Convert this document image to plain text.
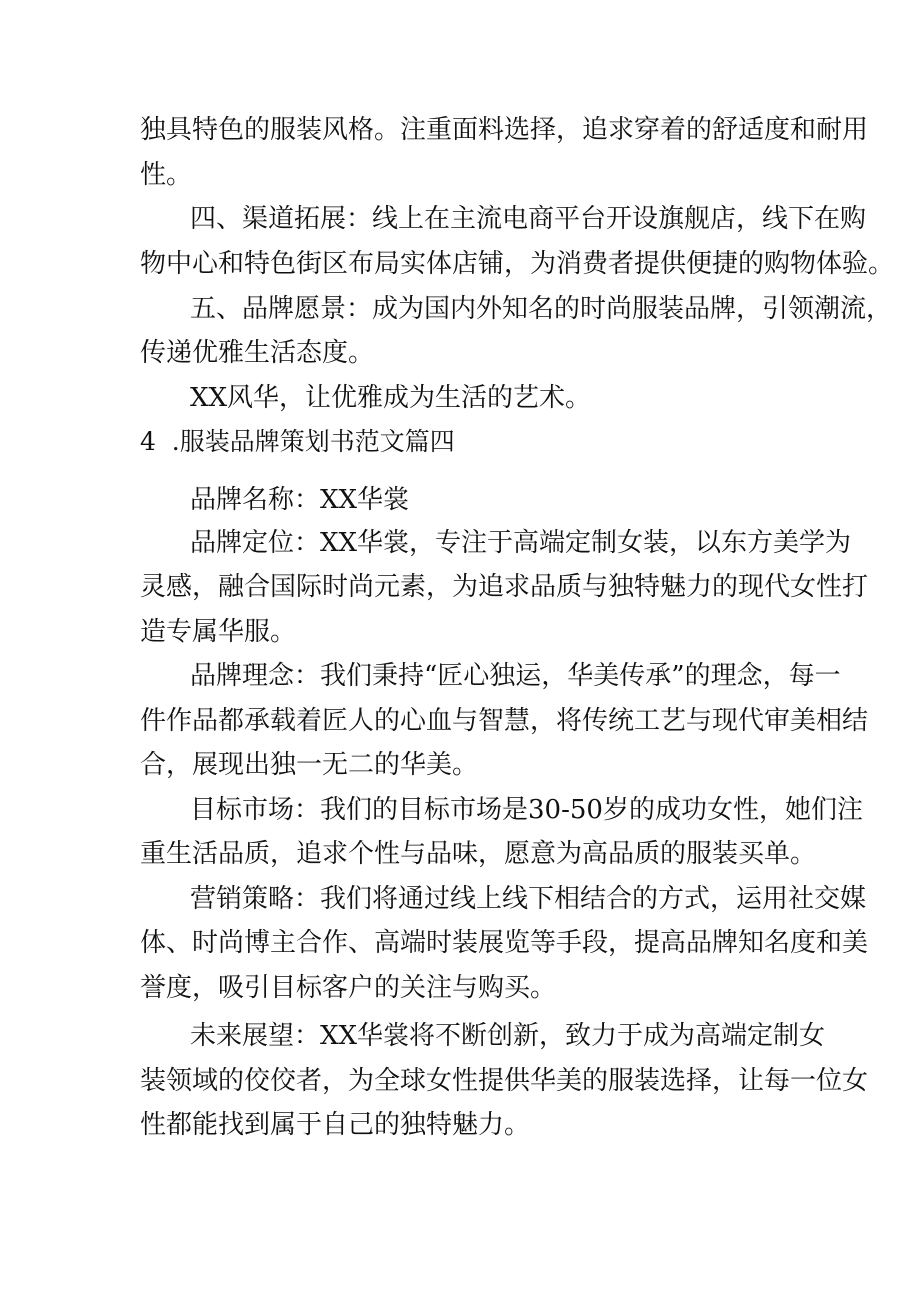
独具特色的服装风格。注重面料选择，追求穿着的舒适度和耐用

性。

四、渠道拓展：线上在主流电商平台开设旗舰店，线下在购

物中心和特色街区布局实体店铺，为消费者提供便捷的购物体验。

五、品牌愿景：成为国内外知名的时尚服装品牌，引领潮流，

传递优雅生活态度。

XX风华，让优雅成为生活的艺术。

4  .服装品牌策划书范文篇四

品牌名称：XX华裳

品牌定位：XX华裳，专注于高端定制女装，以东方美学为

灵感，融合国际时尚元素，为追求品质与独特魅力的现代女性打

造专属华服。

品牌理念：我们秉持“匠心独运，华美传承”的理念，每一

件作品都承载着匠人的心血与智慧，将传统工艺与现代审美相结

合，展现出独一无二的华美。

目标市场：我们的目标市场是30-50岁的成功女性，她们注

重生活品质，追求个性与品味，愿意为高品质的服装买单。

营销策略：我们将通过线上线下相结合的方式，运用社交媒

体、时尚博主合作、高端时装展览等手段，提高品牌知名度和美

誉度，吸引目标客户的关注与购买。

未来展望：XX华裳将不断创新，致力于成为高端定制女

装领域的佼佼者，为全球女性提供华美的服装选择，让每一位女

性都能找到属于自己的独特魅力。
